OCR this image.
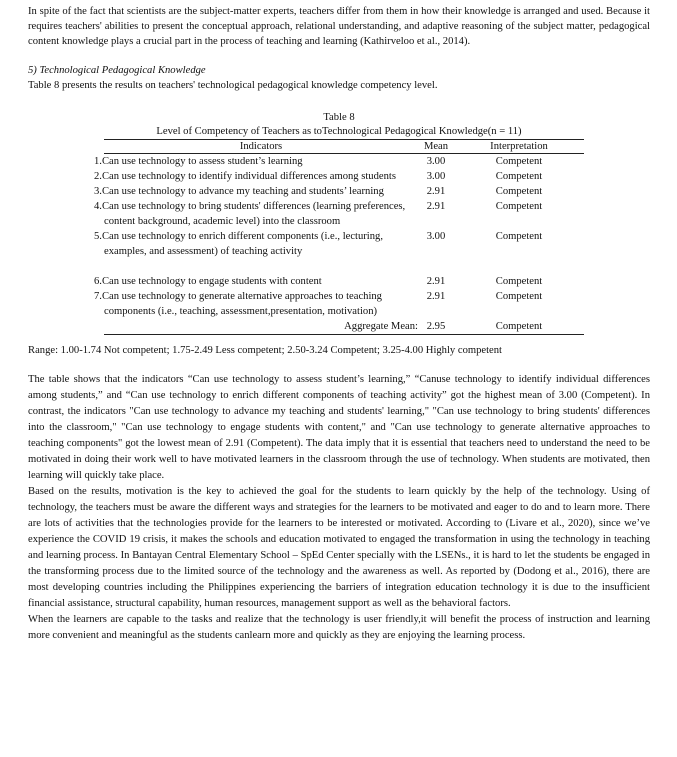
In spite of the fact that scientists are the subject-matter experts, teachers differ from them in how their knowledge is arranged and used. Because it requires teachers' abilities to present the conceptual approach, relational understanding, and adaptive reasoning of the subject matter, pedagogical content knowledge plays a crucial part in the process of teaching and learning (Kathirveloo et al., 2014).

5) Technological Pedagogical Knowledge

Table 8 presents the results on teachers' technological pedagogical knowledge competency level.

Table 8
Level of Competency of Teachers as toTechnological Pedagogical Knowledge(n = 11)
Indicators	Mean	Interpretation
1.Can use technology to assess student’s learning	3.00	Competent
2.Can use technology to identify individual differences among students	3.00	Competent
3.Can use technology to advance my teaching and students’ learning	2.91	Competent
4.Can use technology to bring students' differences (learning preferences, content background, academic level) into the classroom	2.91	Competent
5.Can use technology to enrich different components (i.e., lecturing, examples, and assessment) of teaching activity	3.00	Competent

6.Can use technology to engage students with content	2.91	Competent
7.Can use technology to generate alternative approaches to teaching components (i.e., teaching, assessment,presentation, motivation)	2.91	Competent
Aggregate Mean:	2.95	Competent

Range: 1.00-1.74 Not competent; 1.75-2.49 Less competent; 2.50-3.24 Competent; 3.25-4.00 Highly competent

The table shows that the indicators “Can use technology to assess student’s learning,” “Canuse technology to identify individual differences among students,” and “Can use technology to enrich different components of teaching activity” got the highest mean of 3.00 (Competent). In contrast, the indicators "Can use technology to advance my teaching and students' learning," "Can use technology to bring students' differences into the classroom," "Can use technology to engage students with content," and "Can use technology to generate alternative approaches to teaching components" got the lowest mean of 2.91 (Competent). The data imply that it is essential that teachers need to understand the need to be motivated in doing their work well to have motivated learners in the classroom through the use of technology. When students are motivated, then learning will quickly take place.

Based on the results, motivation is the key to achieved the goal for the students to learn quickly by the help of the technology. Using of technology, the teachers must be aware the different ways and strategies for the learners to be motivated and eager to do and to learn more. There are lots of activities that the technologies provide for the learners to be interested or motivated. According to (Livare et al., 2020), since we’ve experience the COVID 19 crisis, it makes the schools and education motivated to engaged the transformation in using the technology in teaching and learning process. In Bantayan Central Elementary School – SpEd Center specially with the LSENs., it is hard to let the students be engaged in the transforming process due to the limited source of the technology and the awareness as well. As reported by (Dodong et al., 2016), there are most developing countries including the Philippines experiencing the barriers of integration education technology it is due to the insufficient financial assistance, structural capability, human resources, management support as well as the behavioral factors.

When the learners are capable to the tasks and realize that the technology is user friendly,it will benefit the process of instruction and learning more convenient and meaningful as the students canlearn more and quickly as they are enjoying the learning process.
